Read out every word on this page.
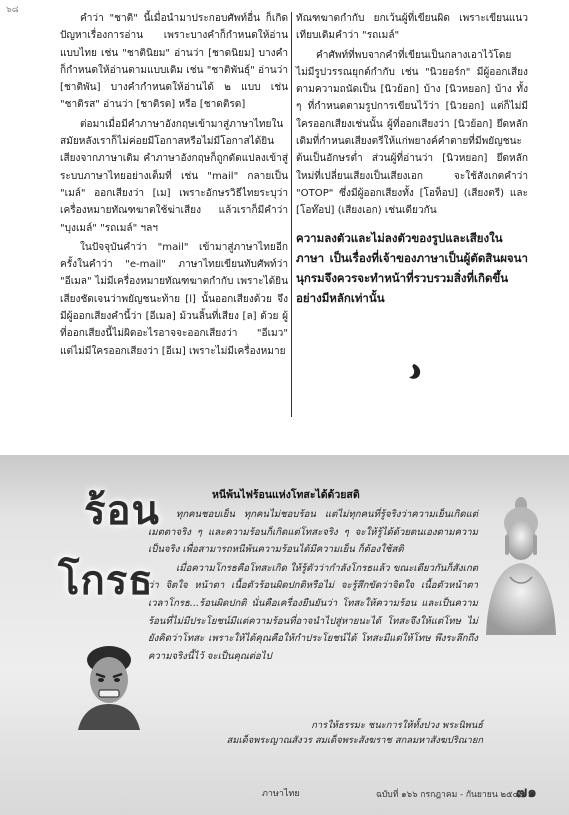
๖๘

คำว่า "ชาติ" นี้เมื่อนำมาประกอบศัพท์อื่น ก็เกิดปัญหาเรื่องการอ่าน เพราะบางคำก็กำหนดให้อ่านแบบไทย เช่น "ชาตินิยม" อ่านว่า [ชาดนิยม] บางคำก็กำหนดให้อ่านตามแบบเดิม เช่น "ชาติพันธุ์" อ่านว่า [ชาติพัน] บางคำกำหนดให้อ่านได้ ๒ แบบ เช่น "ชาติรส" อ่านว่า [ชาติรด] หรือ [ชาดติรด]

ต่อมาเมื่อมีคำภาษาอังกฤษเข้ามาสู่ภาษาไทยในสมัยหลังเราก็ไม่ค่อยมีโอกาสหรือไม่มีโอกาสได้ยินเสียงจากภาษาเดิม คำภาษาอังกฤษก็ถูกดัดแปลงเข้าสู่ระบบภาษาไทยอย่างเต็มที่ เช่น "mail" กลายเป็น "เมล์" ออกเสียงว่า [เม] เพราะอักษรวิธีไทยระบุว่าเครื่องหมายทัณฑฆาตใช้ฆ่าเสียง แล้วเราก็มีคำว่า "บุงเมล์" "รถเมล์" ฯลฯ

ในปัจจุบันคำว่า "mail" เข้ามาสู่ภาษาไทยอีกครั้งในคำว่า "e-mail" ภาษาไทยเขียนทับศัพท์ว่า "อีเมล" ไม่มีเครื่องหมายทัณฑฆาตกำกับ เพราะได้ยินเสียงชัดเจนว่าพยัญชนะท้าย [l] นั้นออกเสียงด้วย จึงมีผู้ออกเสียงคำนี้ว่า [อีเมล] ม้วนลิ้นที่เสียง [ล] ด้วย ผู้ที่ออกเสียงนี้ไม่ผิดอะไรอาจจะออกเสียงว่า "อีเมว" แต่ไม่มีใครออกเสียงว่า [อีเม] เพราะไม่มีเครื่องหมาย

ทัณฑฆาตกำกับ ยกเว้นผู้ที่เขียนผิด เพราะเขียนแนวเทียบเดิมคำว่า "รถเมล์"

คำศัพท์ที่พบจากคำที่เขียนเป็นกลางเอาไว้โดยไม่มีรูปวรรณยุกต์กำกับ เช่น "นิวยอร์ก" มีผู้ออกเสียงตามความถนัดเป็น [นิวย้อก] บ้าง [นิวหยอก] บ้าง ทั้ง ๆ ที่กำหนดตามรูปการเขียนไว้ว่า [นิวยอก] แต่ก็ไม่มีใครออกเสียงเช่นนั้น ผู้ที่ออกเสียงว่า [นิวย้อก] ยึดหลักเดิมที่กำหนดเสียงตรีให้แก่พยางค์คำตายที่มีพยัญชนะต้นเป็นอักษรต่ำ ส่วนผู้ที่อ่านว่า [นิวหยอก] ยึดหลักใหม่ที่เปลี่ยนเสียงเป็นเสียงเอก จะใช้สังเกตคำว่า "OTOP" ซึ่งมีผู้ออกเสียงทั้ง [โอท็อป] (เสียงตรี) และ [โอท๊อป] (เสียงเอก) เช่นเดียวกัน

ความลงตัวและไม่ลงตัวของรูปและเสียงในภาษา เป็นเรื่องที่เจ้าของภาษาเป็นผู้ตัดสินผจนานุกรมจึงควรจะทำหน้าที่รวบรวมสิ่งที่เกิดขึ้นอย่างมีหลักเท่านั้น
ร้อน
โกรธ
หนีพ้นไฟร้อนแห่งโทสะได้ด้วยสติ

ทุกคนชอบเย็น ทุกคนไม่ชอบร้อน แต่ไม่ทุกคนที่รู้จริงว่าความเย็นเกิดแต่เมตตาจริง ๆ และความร้อนก็เกิดแต่โทสะจริง ๆ จะให้รู้ได้ด้วยตนเองตามความเป็นจริง เพื่อสามารถหนีพ้นความร้อนได้มีความเย็น ก็ต้องใช้สติ

เมื่อความโกรธคือโทสะเกิด ให้รู้ตัวว่ากำลังโกรธแล้ว ขณะเดียวกันก็สังเกตว่า จิตใจ หน้าตา เนื้อตัวร้อนผิดปกติหรือไม่ จะรู้สึกขัดว่าจิตใจ เนื้อตัวหน้าตาเวลาโกรธ...ร้อนผิดปกติ นั่นคือเครื่องยืนยันว่า โทสะให้ความร้อน และเป็นความร้อนที่ไม่มีประโยชน์มีแต่ความร้อนที่อาจนำไปสู่หายนะได้ โทสะจึงให้แต่โทษ ไม่ยังคิดว่าโทสะ เพราะให้ได้คุณคือให้กำประโยชน์ได้ โทสะมีแต่ให้โทษ พึงระลึกถึงความจริงนี้ไว้ จะเป็นคุณต่อไป

การให้ธรรมะ ชนะการให้ทั้งปวง พระนิพนธ์
สมเด็จพระญาณสังวร สมเด็จพระสังฆราช สกลมหาสังฆปริณายก
ภาษาไทย	ฉบับที่ ๑๖๖ กรกฎาคม - กันยายน ๒๕๔๗
๗๑
